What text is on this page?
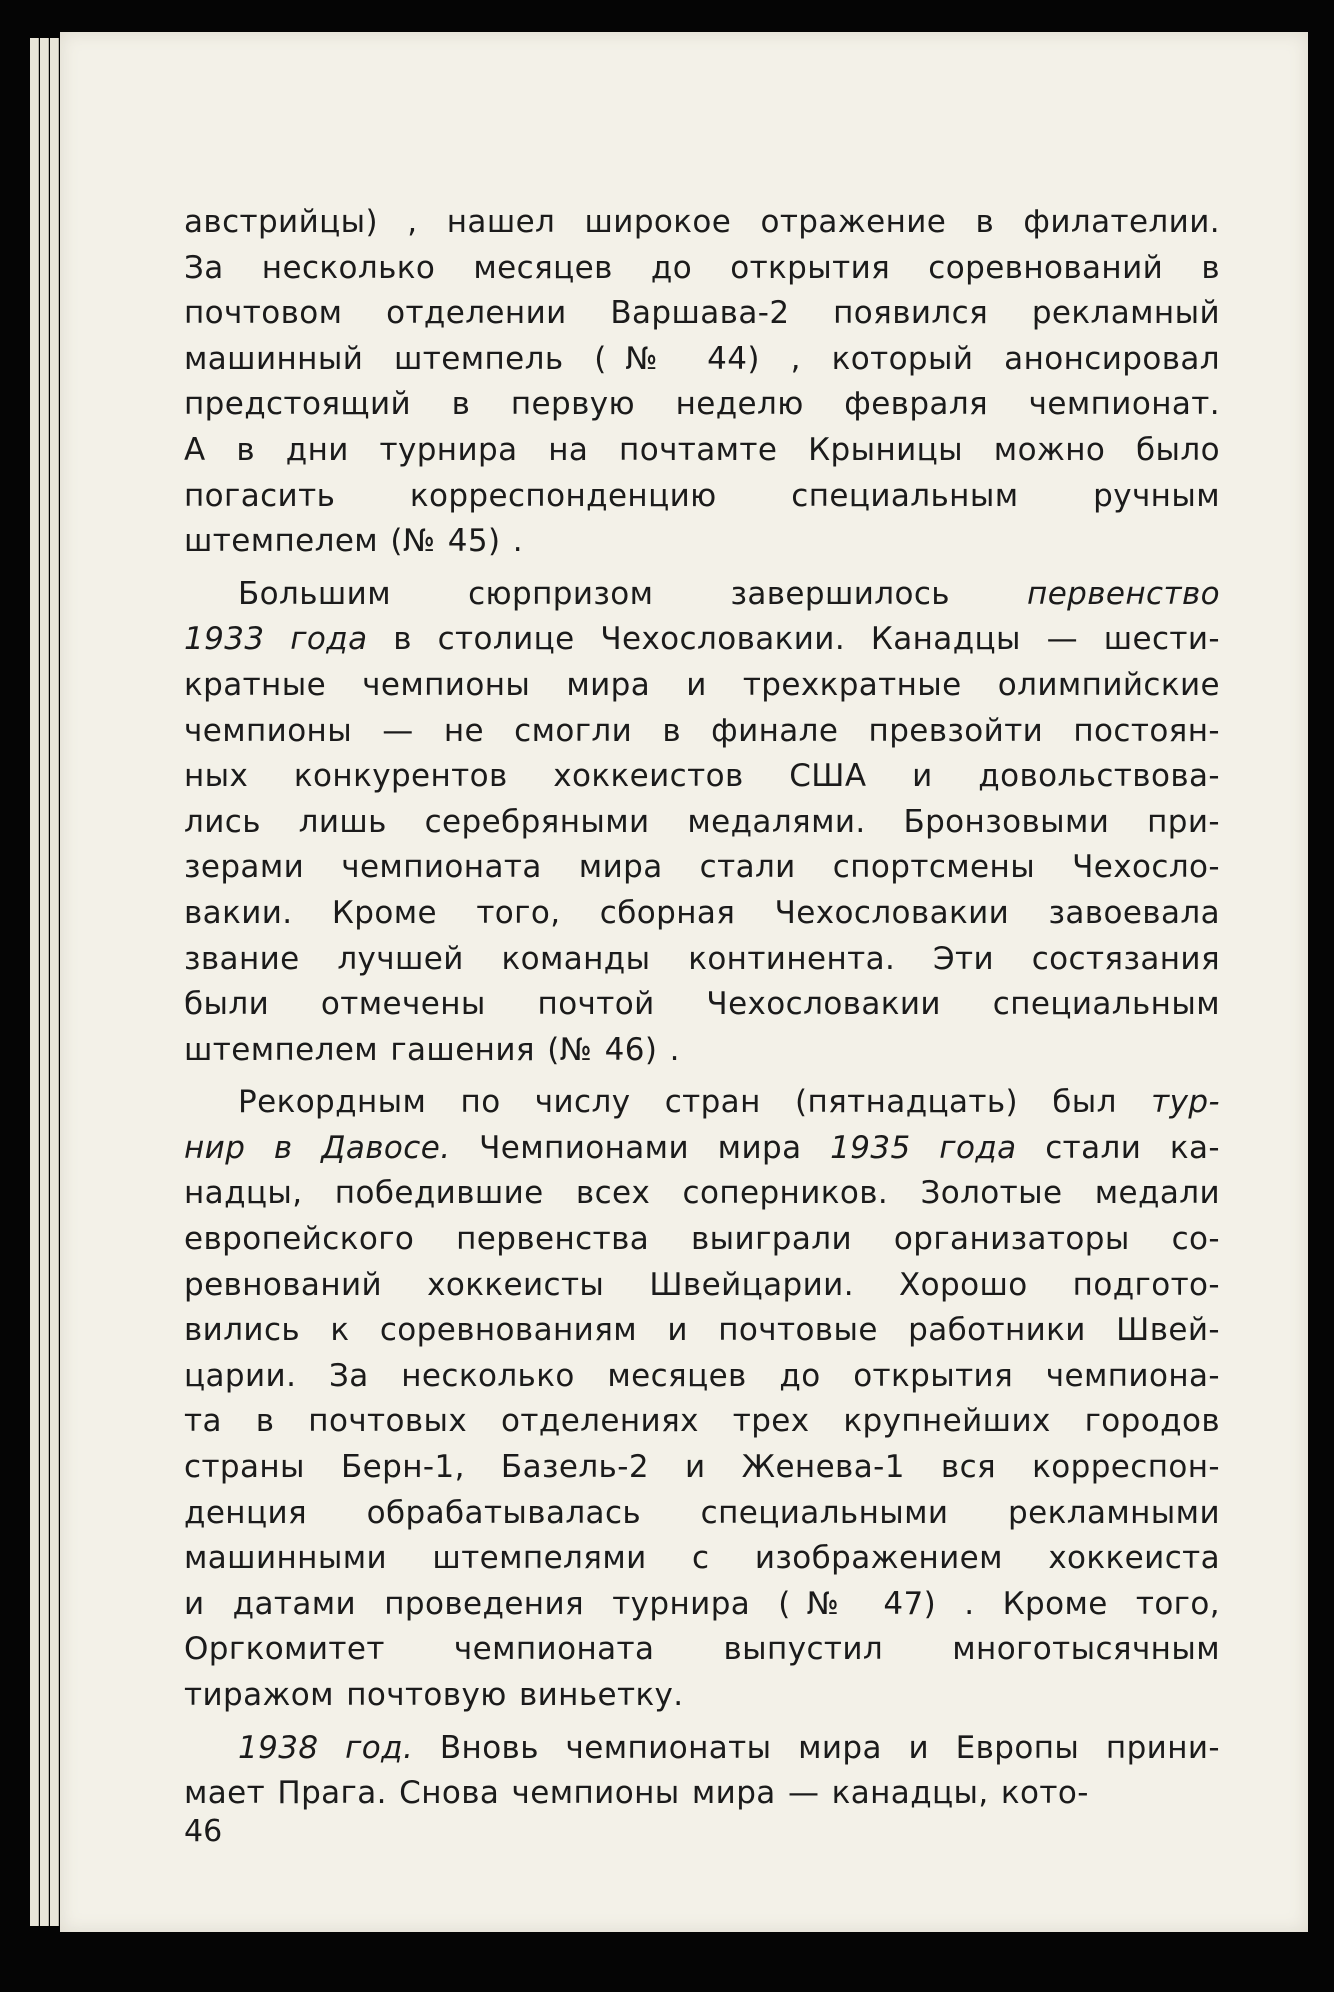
австрийцы) , нашел широкое отражение в филателии.
За несколько месяцев до открытия соревнований в
почтовом отделении Варшава-2 появился рекламный
машинный штемпель (№ 44) , который анонсировал
предстоящий в первую неделю февраля чемпионат.
А в дни турнира на почтамте Крыницы можно было
погасить корреспонденцию специальным ручным
штемпелем (№ 45) .
Большим сюрпризом завершилось первенство
1933 года в столице Чехословакии. Канадцы — шести-
кратные чемпионы мира и трехкратные олимпийские
чемпионы — не смогли в финале превзойти постоян-
ных конкурентов хоккеистов США и довольствова-
лись лишь серебряными медалями. Бронзовыми при-
зерами чемпионата мира стали спортсмены Чехосло-
вакии. Кроме того, сборная Чехословакии завоевала
звание лучшей команды континента. Эти состязания
были отмечены почтой Чехословакии специальным
штемпелем гашения (№ 46) .
Рекордным по числу стран (пятнадцать) был тур-
нир в Давосе. Чемпионами мира 1935 года стали ка-
надцы, победившие всех соперников. Золотые медали
европейского первенства выиграли организаторы со-
ревнований хоккеисты Швейцарии. Хорошо подгото-
вились к соревнованиям и почтовые работники Швей-
царии. За несколько месяцев до открытия чемпиона-
та в почтовых отделениях трех крупнейших городов
страны Берн-1, Базель-2 и Женева-1 вся корреспон-
денция обрабатывалась специальными рекламными
машинными штемпелями с изображением хоккеиста
и датами проведения турнира (№ 47) . Кроме того,
Оргкомитет чемпионата выпустил многотысячным
тиражом почтовую виньетку.
1938 год. Вновь чемпионаты мира и Европы прини-
мает Прага. Снова чемпионы мира — канадцы, кото-
46
